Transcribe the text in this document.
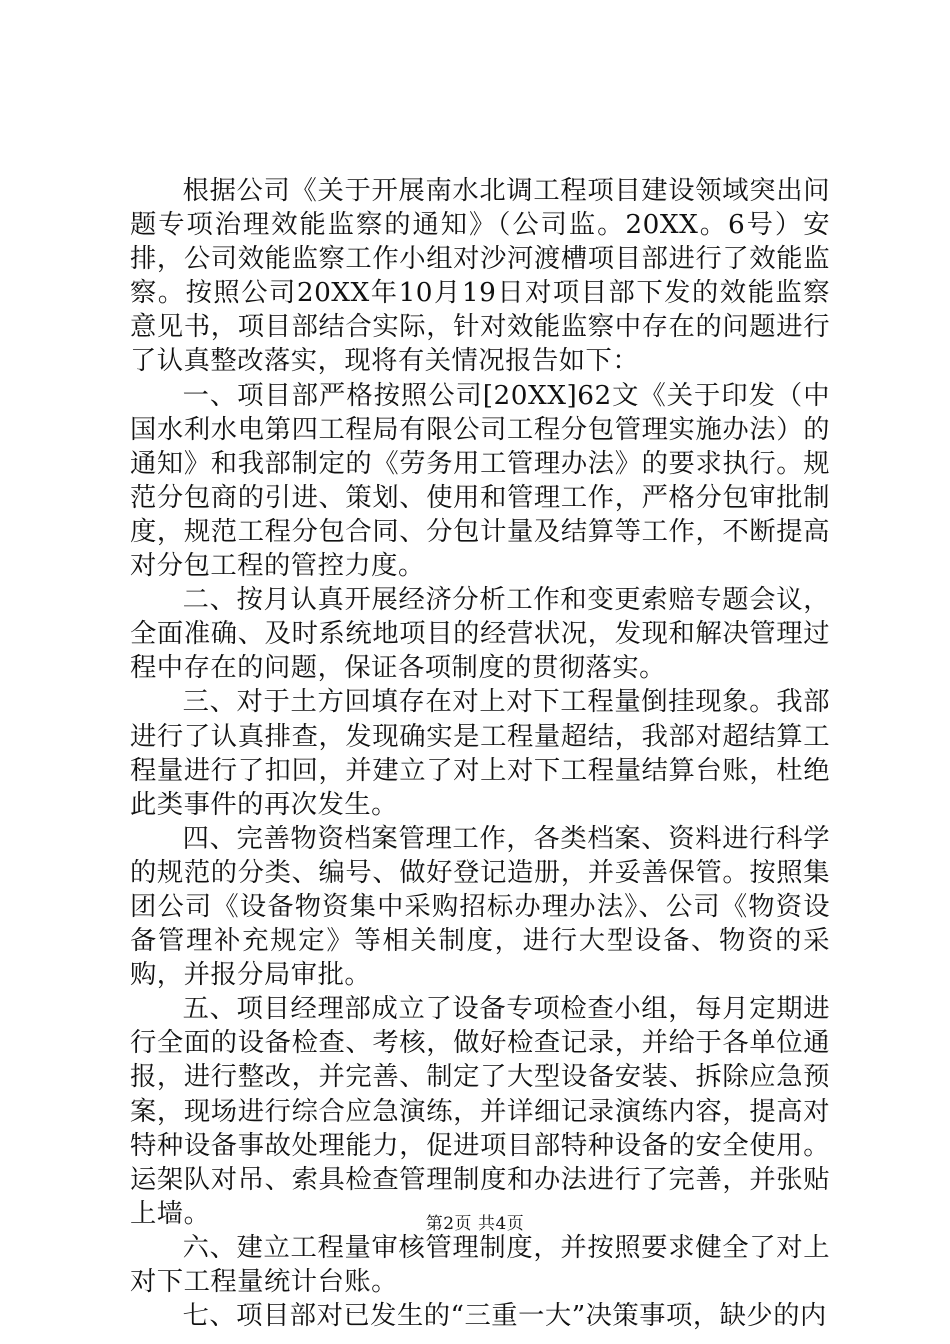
根据公司《关于开展南水北调工程项目建设领域突出问题专项治理效能监察的通知》（公司监。20XX。6号）安排，公司效能监察工作小组对沙河渡槽项目部进行了效能监察。按照公司20XX年10月19日对项目部下发的效能监察意见书，项目部结合实际，针对效能监察中存在的问题进行了认真整改落实，现将有关情况报告如下：

一、项目部严格按照公司[20XX]62文《关于印发（中国水利水电第四工程局有限公司工程分包管理实施办法）的通知》和我部制定的《劳务用工管理办法》的要求执行。规范分包商的引进、策划、使用和管理工作，严格分包审批制度，规范工程分包合同、分包计量及结算等工作，不断提高对分包工程的管控力度。

二、按月认真开展经济分析工作和变更索赔专题会议，全面准确、及时系统地项目的经营状况，发现和解决管理过程中存在的问题，保证各项制度的贯彻落实。

三、对于土方回填存在对上对下工程量倒挂现象。我部进行了认真排查，发现确实是工程量超结，我部对超结算工程量进行了扣回，并建立了对上对下工程量结算台账，杜绝此类事件的再次发生。

四、完善物资档案管理工作，各类档案、资料进行科学的规范的分类、编号、做好登记造册，并妥善保管。按照集团公司《设备物资集中采购招标办理办法》、公司《物资设备管理补充规定》等相关制度，进行大型设备、物资的采购，并报分局审批。

五、项目经理部成立了设备专项检查小组，每月定期进行全面的设备检查、考核，做好检查记录，并给于各单位通报，进行整改，并完善、制定了大型设备安装、拆除应急预案，现场进行综合应急演练，并详细记录演练内容，提高对特种设备事故处理能力，促进项目部特种设备的安全使用。运架队对吊、索具检查管理制度和办法进行了完善，并张贴上墙。

六、建立工程量审核管理制度，并按照要求健全了对上对下工程量统计台账。

七、项目部对已发生的“三重一大”决策事项，缺少的内

第2页 共4页
